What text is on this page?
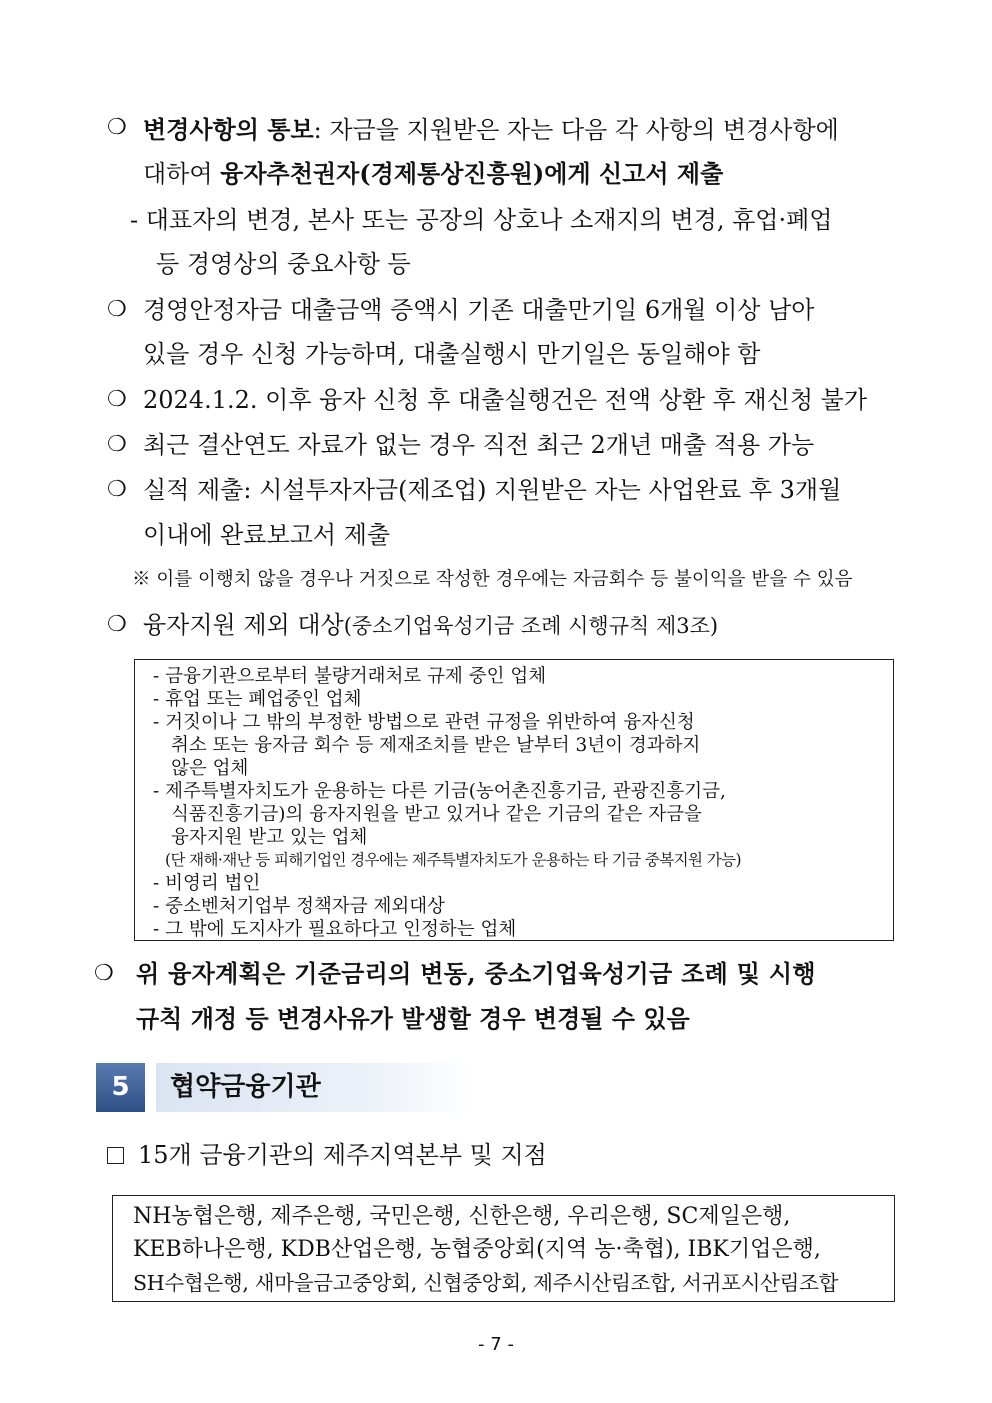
❍ 변경사항의 통보: 자금을 지원받은 자는 다음 각 사항의 변경사항에
대하여 융자추천권자(경제통상진흥원)에게 신고서 제출
- 대표자의 변경, 본사 또는 공장의 상호나 소재지의 변경, 휴업·폐업
등 경영상의 중요사항 등
❍ 경영안정자금 대출금액 증액시 기존 대출만기일 6개월 이상 남아
있을 경우 신청 가능하며, 대출실행시 만기일은 동일해야 함
❍ 2024.1.2. 이후 융자 신청 후 대출실행건은 전액 상환 후 재신청 불가
❍ 최근 결산연도 자료가 없는 경우 직전 최근 2개년 매출 적용 가능
❍ 실적 제출: 시설투자자금(제조업) 지원받은 자는 사업완료 후 3개월
이내에 완료보고서 제출
※ 이를 이행치 않을 경우나 거짓으로 작성한 경우에는 자금회수 등 불이익을 받을 수 있음
❍ 융자지원 제외 대상(중소기업육성기금 조례 시행규칙 제3조)
- 금융기관으로부터 불량거래처로 규제 중인 업체
- 휴업 또는 폐업중인 업체
- 거짓이나 그 밖의 부정한 방법으로 관련 규정을 위반하여 융자신청
취소 또는 융자금 회수 등 제재조치를 받은 날부터 3년이 경과하지
않은 업체
- 제주특별자치도가 운용하는 다른 기금(농어촌진흥기금, 관광진흥기금,
식품진흥기금)의 융자지원을 받고 있거나 같은 기금의 같은 자금을
융자지원 받고 있는 업체
(단 재해·재난 등 피해기업인 경우에는 제주특별자치도가 운용하는 타 기금 중복지원 가능)
- 비영리 법인
- 중소벤처기업부 정책자금 제외대상
- 그 밖에 도지사가 필요하다고 인정하는 업체
❍ 위 융자계획은 기준금리의 변동, 중소기업육성기금 조례 및 시행
규칙 개정 등 변경사유가 발생할 경우 변경될 수 있음
5	협약금융기관
15개 금융기관의 제주지역본부 및 지점
NH농협은행, 제주은행, 국민은행, 신한은행, 우리은행, SC제일은행,
KEB하나은행, KDB산업은행, 농협중앙회(지역 농·축협), IBK기업은행,
SH수협은행, 새마을금고중앙회, 신협중앙회, 제주시산림조합, 서귀포시산림조합
- 7 -
